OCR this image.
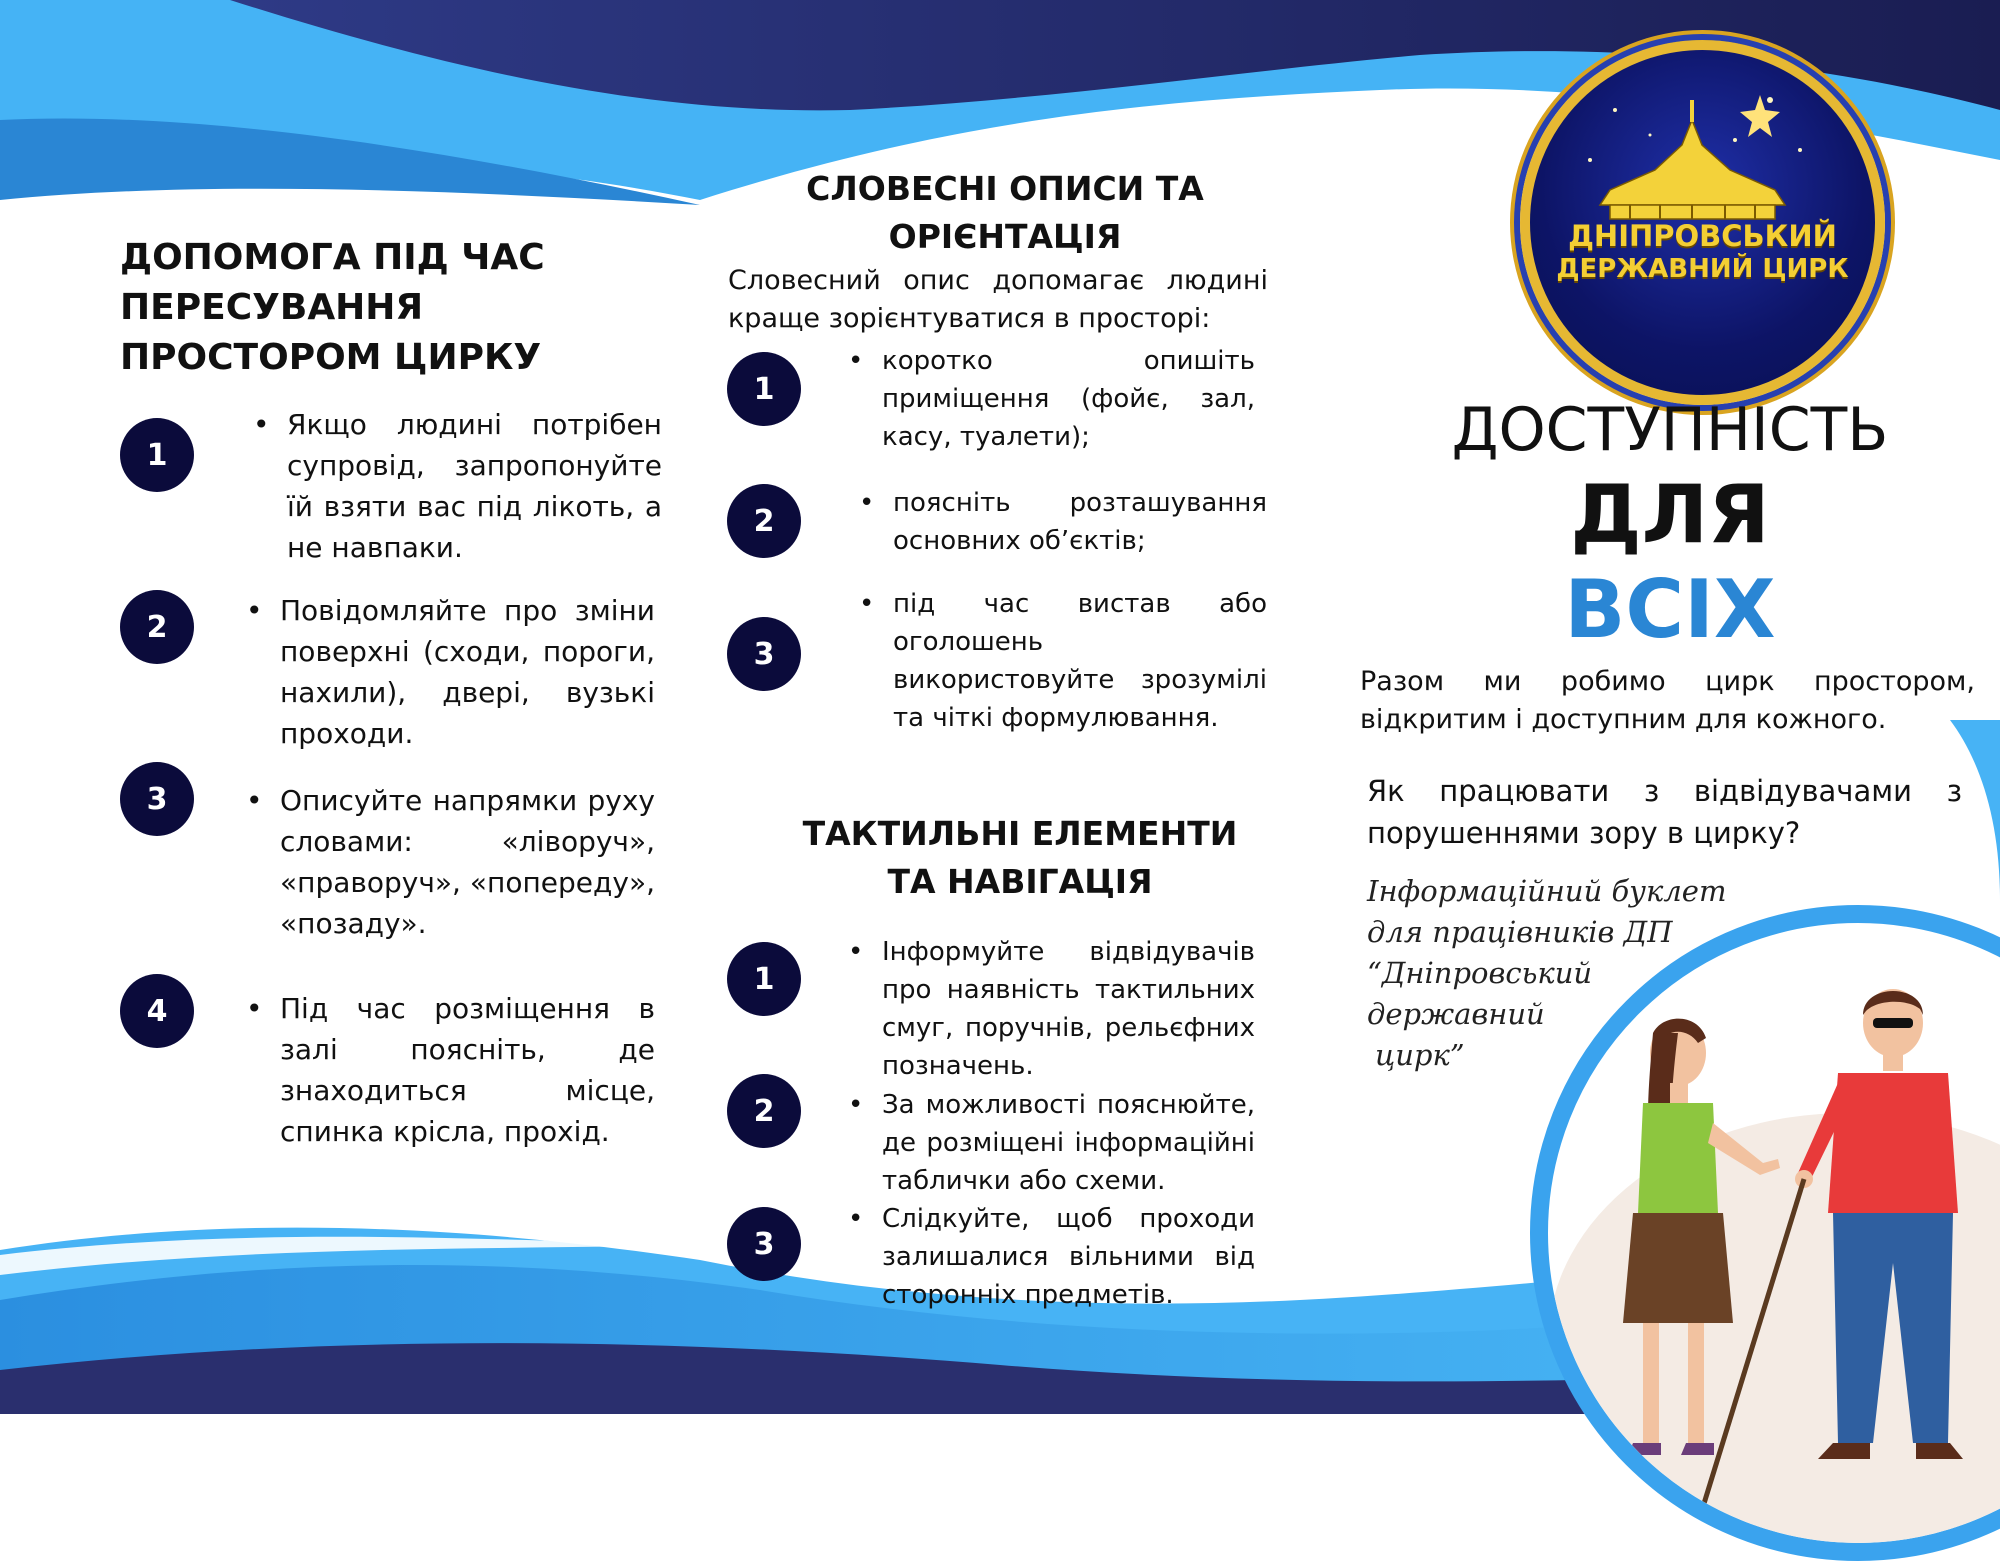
ДОПОМОГА ПІД ЧАС ПЕРЕСУВАННЯ ПРОСТОРОМ ЦИРКУ
1
• Якщо людині потрібен супровід, запропонуйте їй взяти вас під лікоть, а не навпаки.
2	• Повідомляйте про зміни поверхні (сходи, пороги, нахили), двері, вузькі проходи.
3	• Описуйте напрямки руху словами: «ліворуч», «праворуч», «попереду», «позаду».
4	• Під час розміщення в залі поясніть, де знаходиться місце, спинка крісла, прохід.
СЛОВЕСНІ ОПИСИ ТА ОРІЄНТАЦІЯ
Словесний опис допомагає людині краще зорієнтуватися в просторі:
1
• коротко опишіть приміщення (фойє, зал, касу, туалети);
2
• поясніть розташування основних об’єктів;
3
• під час вистав або оголошень використовуйте зрозумілі та чіткі формулювання.
ТАКТИЛЬНІ ЕЛЕМЕНТИ ТА НАВІГАЦІЯ
1
• Інформуйте відвідувачів про наявність тактильних смуг, поручнів, рельєфних позначень.
2	• За можливості пояснюйте, де розміщені інформаційні таблички або схеми.
3
• Слідкуйте, щоб проходи залишалися вільними від сторонніх предметів.
ДНІПРОВСЬКИЙ
ДЕРЖАВНИЙ ЦИРК
ДОСТУПНІСТЬ
ДЛЯ
ВСІХ
Разом ми робимо цирк простором, відкритим і доступним для кожного.
Як працювати з відвідувачами з порушеннями зору в цирку?
Інформаційний буклет
для працівників ДП
“Дніпровський
державний
цирк”
